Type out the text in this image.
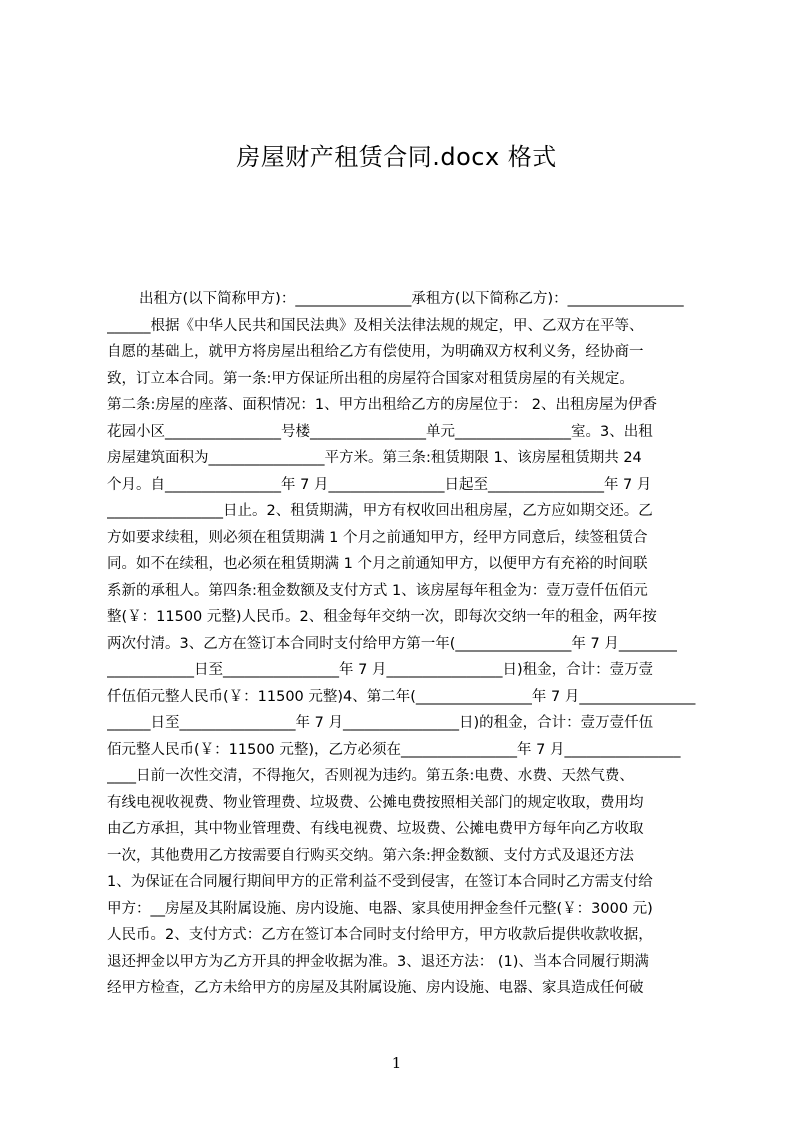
房屋财产租赁合同.docx 格式
出租方(以下简称甲方)：________________承租方(以下简称乙方)：________________
______根据《中华人民共和国民法典》及相关法律法规的规定，甲、乙双方在平等、
自愿的基础上，就甲方将房屋出租给乙方有偿使用，为明确双方权利义务，经协商一
致，订立本合同。第一条:甲方保证所出租的房屋符合国家对租赁房屋的有关规定。
第二条:房屋的座落、面积情况：1、甲方出租给乙方的房屋位于： 2、出租房屋为伊香
花园小区________________号楼________________单元________________室。3、出租
房屋建筑面积为________________平方米。第三条:租赁期限 1、该房屋租赁期共 24
个月。自________________年 7 月________________日起至________________年 7 月
________________日止。2、租赁期满，甲方有权收回出租房屋，乙方应如期交还。乙
方如要求续租，则必须在租赁期满 1 个月之前通知甲方，经甲方同意后，续签租赁合
同。如不在续租，也必须在租赁期满 1 个月之前通知甲方，以便甲方有充裕的时间联
系新的承租人。第四条:租金数额及支付方式 1、该房屋每年租金为：壹万壹仟伍佰元
整(￥：11500 元整)人民币。2、租金每年交纳一次，即每次交纳一年的租金，两年按
两次付清。3、乙方在签订本合同时支付给甲方第一年(________________年 7 月________
____________日至________________年 7 月________________日)租金，合计：壹万壹
仟伍佰元整人民币(￥：11500 元整)4、第二年(________________年 7 月________________
______日至________________年 7 月________________日)的租金，合计：壹万壹仟伍
佰元整人民币(￥：11500 元整)，乙方必须在________________年 7 月________________
____日前一次性交清，不得拖欠，否则视为违约。第五条:电费、水费、天然气费、
有线电视收视费、物业管理费、垃圾费、公摊电费按照相关部门的规定收取，费用均
由乙方承担，其中物业管理费、有线电视费、垃圾费、公摊电费甲方每年向乙方收取
一次，其他费用乙方按需要自行购买交纳。第六条:押金数额、支付方式及退还方法
1、为保证在合同履行期间甲方的正常利益不受到侵害，在签订本合同时乙方需支付给
甲方：__房屋及其附属设施、房内设施、电器、家具使用押金叁仟元整(￥：3000 元)
人民币。2、支付方式：乙方在签订本合同时支付给甲方，甲方收款后提供收款收据，
退还押金以甲方为乙方开具的押金收据为准。3、退还方法： (1)、当本合同履行期满
经甲方检查，乙方未给甲方的房屋及其附属设施、房内设施、电器、家具造成任何破
1
